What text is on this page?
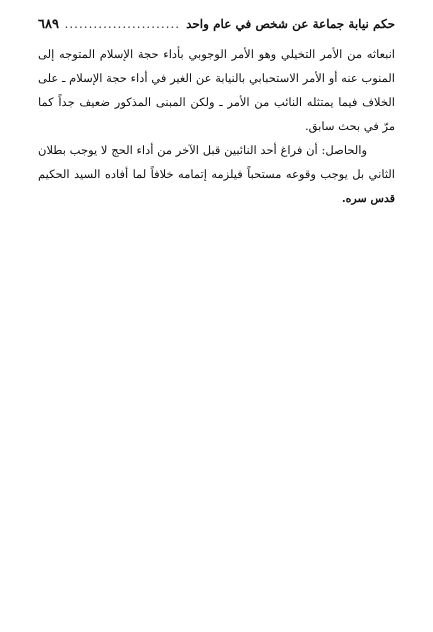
حكم نيابة جماعة عن شخص في عام واحد
.....
٦٨٩

انبعاثه من الأمر التخيلي وهو الأمر الوجوبي بأداء حجة الإسلام المتوجه إلى المنوب عنه أو الأمر الاستحبابي بالنيابة عن الغير في أداء حجة الإسلام ـ على الخلاف فيما يمتثله النائب من الأمر ـ ولكن المبنى المذكور ضعيف جداً كما مرّ في بحث سابق.

والحاصل: أن فراغ أحد النائبين قبل الآخر من أداء الحج لا يوجب بطلان الثاني بل يوجب وقوعه مستحباً فيلزمه إتمامه خلافاً لما أفاده السيد الحكيم قدس سره.
